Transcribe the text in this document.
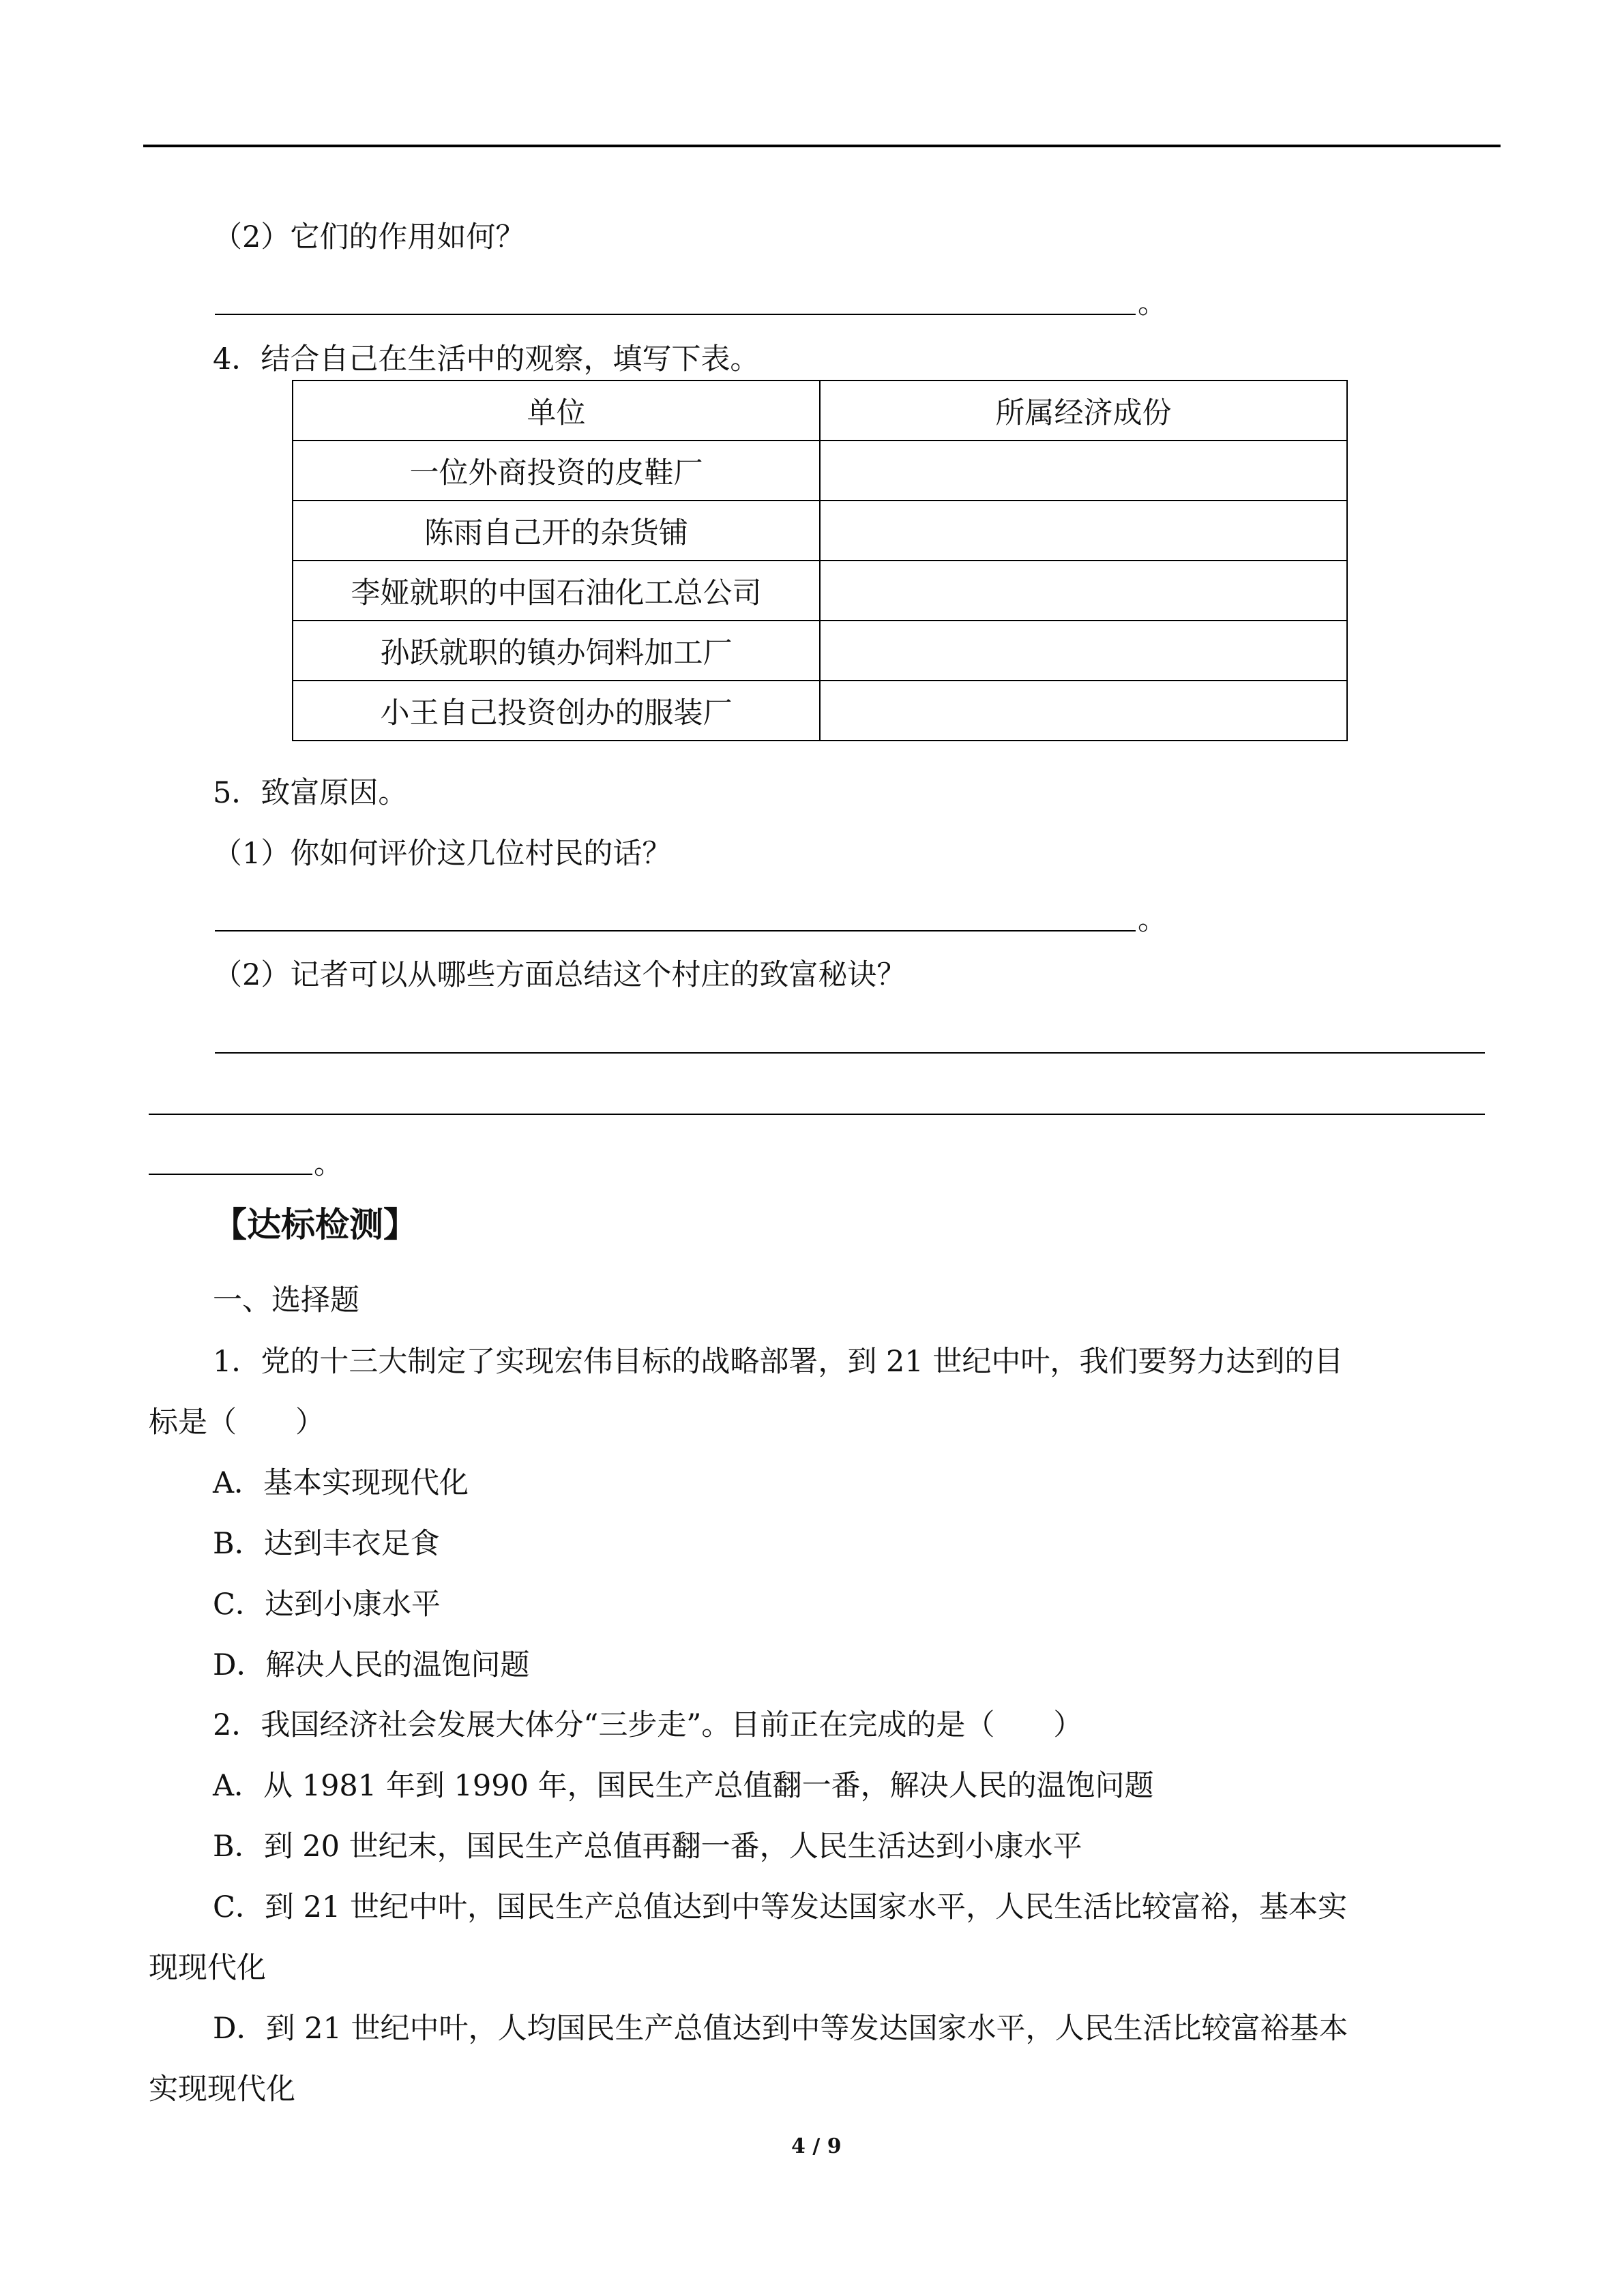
（2）它们的作用如何？
。
4．结合自己在生活中的观察，填写下表。
单位	所属经济成份
一位外商投资的皮鞋厂	
陈雨自己开的杂货铺	
李娅就职的中国石油化工总公司	
孙跃就职的镇办饲料加工厂	
小王自己投资创办的服装厂	
5．致富原因。
（1）你如何评价这几位村民的话？
。
（2）记者可以从哪些方面总结这个村庄的致富秘诀？
。
【达标检测】
一、选择题
1．党的十三大制定了实现宏伟目标的战略部署，到 21 世纪中叶，我们要努力达到的目
标是（　　）
A．基本实现现代化
B．达到丰衣足食
C．达到小康水平
D．解决人民的温饱问题
2．我国经济社会发展大体分“三步走”。目前正在完成的是（　　）
A．从 1981 年到 1990 年，国民生产总值翻一番，解决人民的温饱问题
B．到 20 世纪末，国民生产总值再翻一番，人民生活达到小康水平
C．到 21 世纪中叶，国民生产总值达到中等发达国家水平，人民生活比较富裕，基本实
现现代化
D．到 21 世纪中叶，人均国民生产总值达到中等发达国家水平，人民生活比较富裕基本
实现现代化
4 / 9
